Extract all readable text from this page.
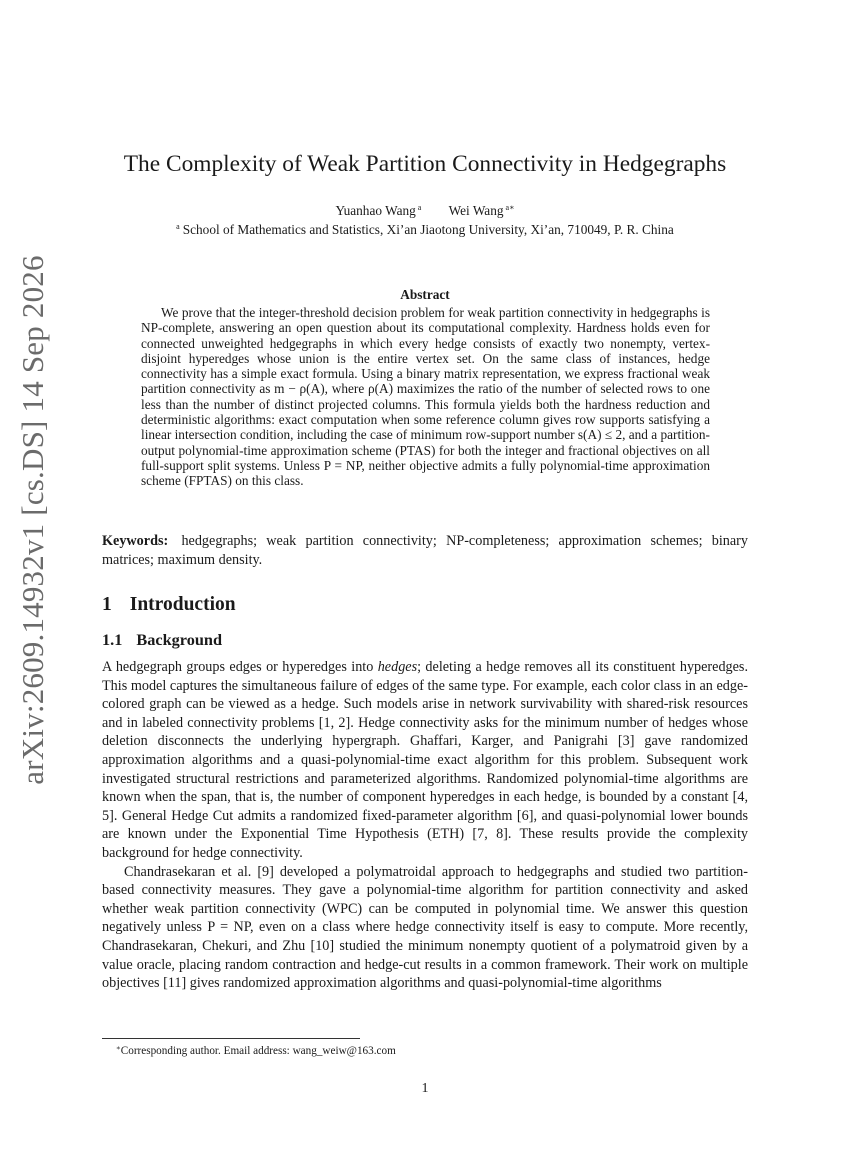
arXiv:2609.14932v1 [cs.DS] 14 Sep 2026
The Complexity of Weak Partition Connectivity in Hedgegraphs
Yuanhao Wang $^a$ Wei Wang $^{a∗}$
$^a$ School of Mathematics and Statistics, Xi’an Jiaotong University, Xi’an, 710049, P. R. China
Abstract

We prove that the integer-threshold decision problem for weak partition connectivity in hedgegraphs is NP-complete, answering an open question about its computational complexity. Hardness holds even for connected unweighted hedgegraphs in which every hedge consists of exactly two nonempty, vertex-disjoint hyperedges whose union is the entire vertex set. On the same class of instances, hedge connectivity has a simple exact formula. Using a binary matrix representation, we express fractional weak partition connectivity as m − ρ(A), where ρ(A) maximizes the ratio of the number of selected rows to one less than the number of distinct projected columns. This formula yields both the hardness reduction and deterministic algorithms: exact computation when some reference column gives row supports satisfying a linear intersection condition, including the case of minimum row-support number s(A) ≤ 2, and a partition-output polynomial-time approximation scheme (PTAS) for both the integer and fractional objectives on all full-support split systems. Unless P = NP, neither objective admits a fully polynomial-time approximation scheme (FPTAS) on this class.

Keywords: hedgegraphs; weak partition connectivity; NP-completeness; approximation schemes; binary matrices; maximum density.

1 Introduction
1.1 Background

A hedgegraph groups edges or hyperedges into hedges; deleting a hedge removes all its constituent hyperedges. This model captures the simultaneous failure of edges of the same type. For example, each color class in an edge-colored graph can be viewed as a hedge. Such models arise in network survivability with shared-risk resources and in labeled connectivity problems [1, 2]. Hedge connectivity asks for the minimum number of hedges whose deletion disconnects the underlying hypergraph. Ghaffari, Karger, and Panigrahi [3] gave randomized approximation algorithms and a quasi-polynomial-time exact algorithm for this problem. Subsequent work investigated structural restrictions and parameterized algorithms. Randomized polynomial-time algorithms are known when the span, that is, the number of component hyperedges in each hedge, is bounded by a constant [4, 5]. General Hedge Cut admits a randomized fixed-parameter algorithm [6], and quasi-polynomial lower bounds are known under the Exponential Time Hypothesis (ETH) [7, 8]. These results provide the complexity background for hedge connectivity.

Chandrasekaran et al. [9] developed a polymatroidal approach to hedgegraphs and studied two partition-based connectivity measures. They gave a polynomial-time algorithm for partition connectivity and asked whether weak partition connectivity (WPC) can be computed in polynomial time. We answer this question negatively unless P = NP, even on a class where hedge connectivity itself is easy to compute. More recently, Chandrasekaran, Chekuri, and Zhu [10] studied the minimum nonempty quotient of a polymatroid given by a value oracle, placing random contraction and hedge-cut results in a common framework. Their work on multiple objectives [11] gives randomized approximation algorithms and quasi-polynomial-time algorithms

∗Corresponding author. Email address: wang_weiw@163.com
1
